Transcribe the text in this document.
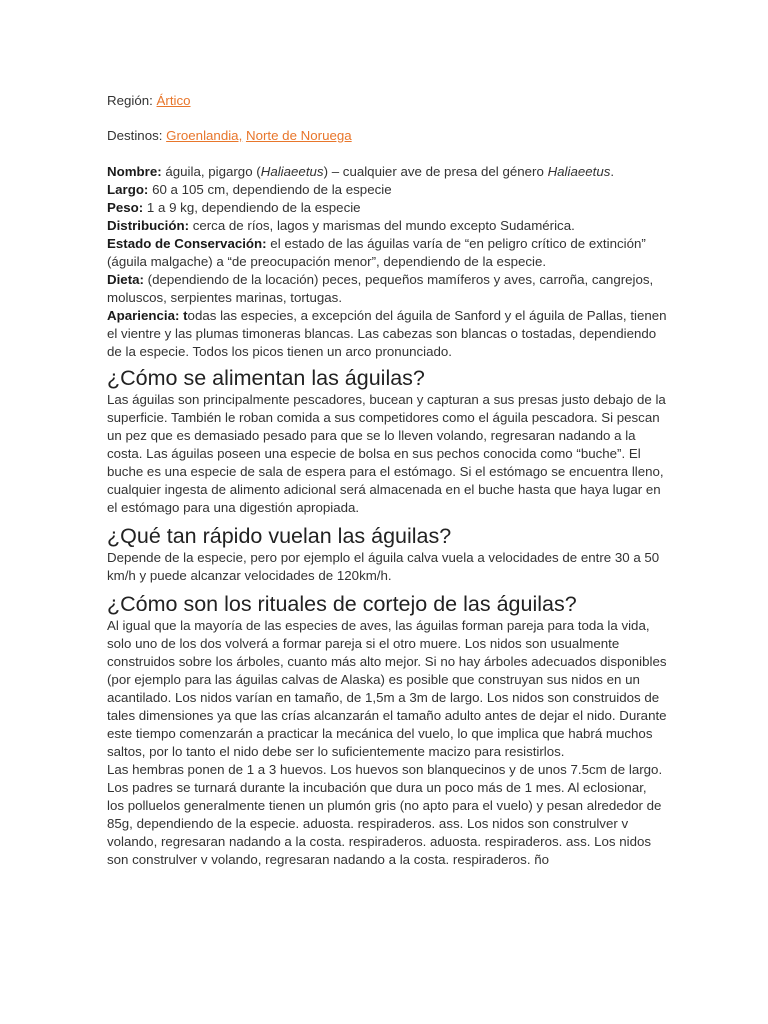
Región: Ártico

Destinos: Groenlandia, Norte de Noruega

Nombre: águila, pigargo (Haliaeetus) – cualquier ave de presa del género Haliaeetus.

Largo: 60 a 105 cm, dependiendo de la especie

Peso: 1 a 9 kg, dependiendo de la especie

Distribución: cerca de ríos, lagos y marismas del mundo excepto Sudamérica.

Estado de Conservación: el estado de las águilas varía de “en peligro crítico de extinción” (águila malgache) a “de preocupación menor”, dependiendo de la especie.

Dieta: (dependiendo de la locación) peces, pequeños mamíferos y aves, carroña, cangrejos, moluscos, serpientes marinas, tortugas.

Apariencia: todas las especies, a excepción del águila de Sanford y el águila de Pallas, tienen el vientre y las plumas timoneras blancas. Las cabezas son blancas o tostadas, dependiendo de la especie. Todos los picos tienen un arco pronunciado.

¿Cómo se alimentan las águilas?

Las águilas son principalmente pescadores, bucean y capturan a sus presas justo debajo de la superficie. También le roban comida a sus competidores como el águila pescadora. Si pescan un pez que es demasiado pesado para que se lo lleven volando, regresaran nadando a la costa. Las águilas poseen una especie de bolsa en sus pechos conocida como “buche”. El buche es una especie de sala de espera para el estómago. Si el estómago se encuentra lleno, cualquier ingesta de alimento adicional será almacenada en el buche hasta que haya lugar en el estómago para una digestión apropiada.

¿Qué tan rápido vuelan las águilas?

Depende de la especie, pero por ejemplo el águila calva vuela a velocidades de entre 30 a 50 km/h y puede alcanzar velocidades de 120km/h.

¿Cómo son los rituales de cortejo de las águilas?

Al igual que la mayoría de las especies de aves, las águilas forman pareja para toda la vida, solo uno de los dos volverá a formar pareja si el otro muere. Los nidos son usualmente construidos sobre los árboles, cuanto más alto mejor. Si no hay árboles adecuados disponibles (por ejemplo para las águilas calvas de Alaska) es posible que construyan sus nidos en un acantilado. Los nidos varían en tamaño, de 1,5m a 3m de largo. Los nidos son construidos de tales dimensiones ya que las crías alcanzarán el tamaño adulto antes de dejar el nido. Durante este tiempo comenzarán a practicar la mecánica del vuelo, lo que implica que habrá muchos saltos, por lo tanto el nido debe ser lo suficientemente macizo para resistirlos.

Las hembras ponen de 1 a 3 huevos. Los huevos son blanquecinos y de unos 7.5cm de largo. Los padres se turnará durante la incubación que dura un poco más de 1 mes. Al eclosionar, los polluelos generalmente tienen un plumón gris (no apto para el vuelo) y pesan alrededor de 85g, dependiendo de la especie. aduosta. respiraderos. ass. Los nidos son construlver v volando, regresaran nadando a la costa. respiraderos. aduosta. respiraderos. ass. Los nidos son construlver v volando, regresaran nadando a la costa. respiraderos. ño
